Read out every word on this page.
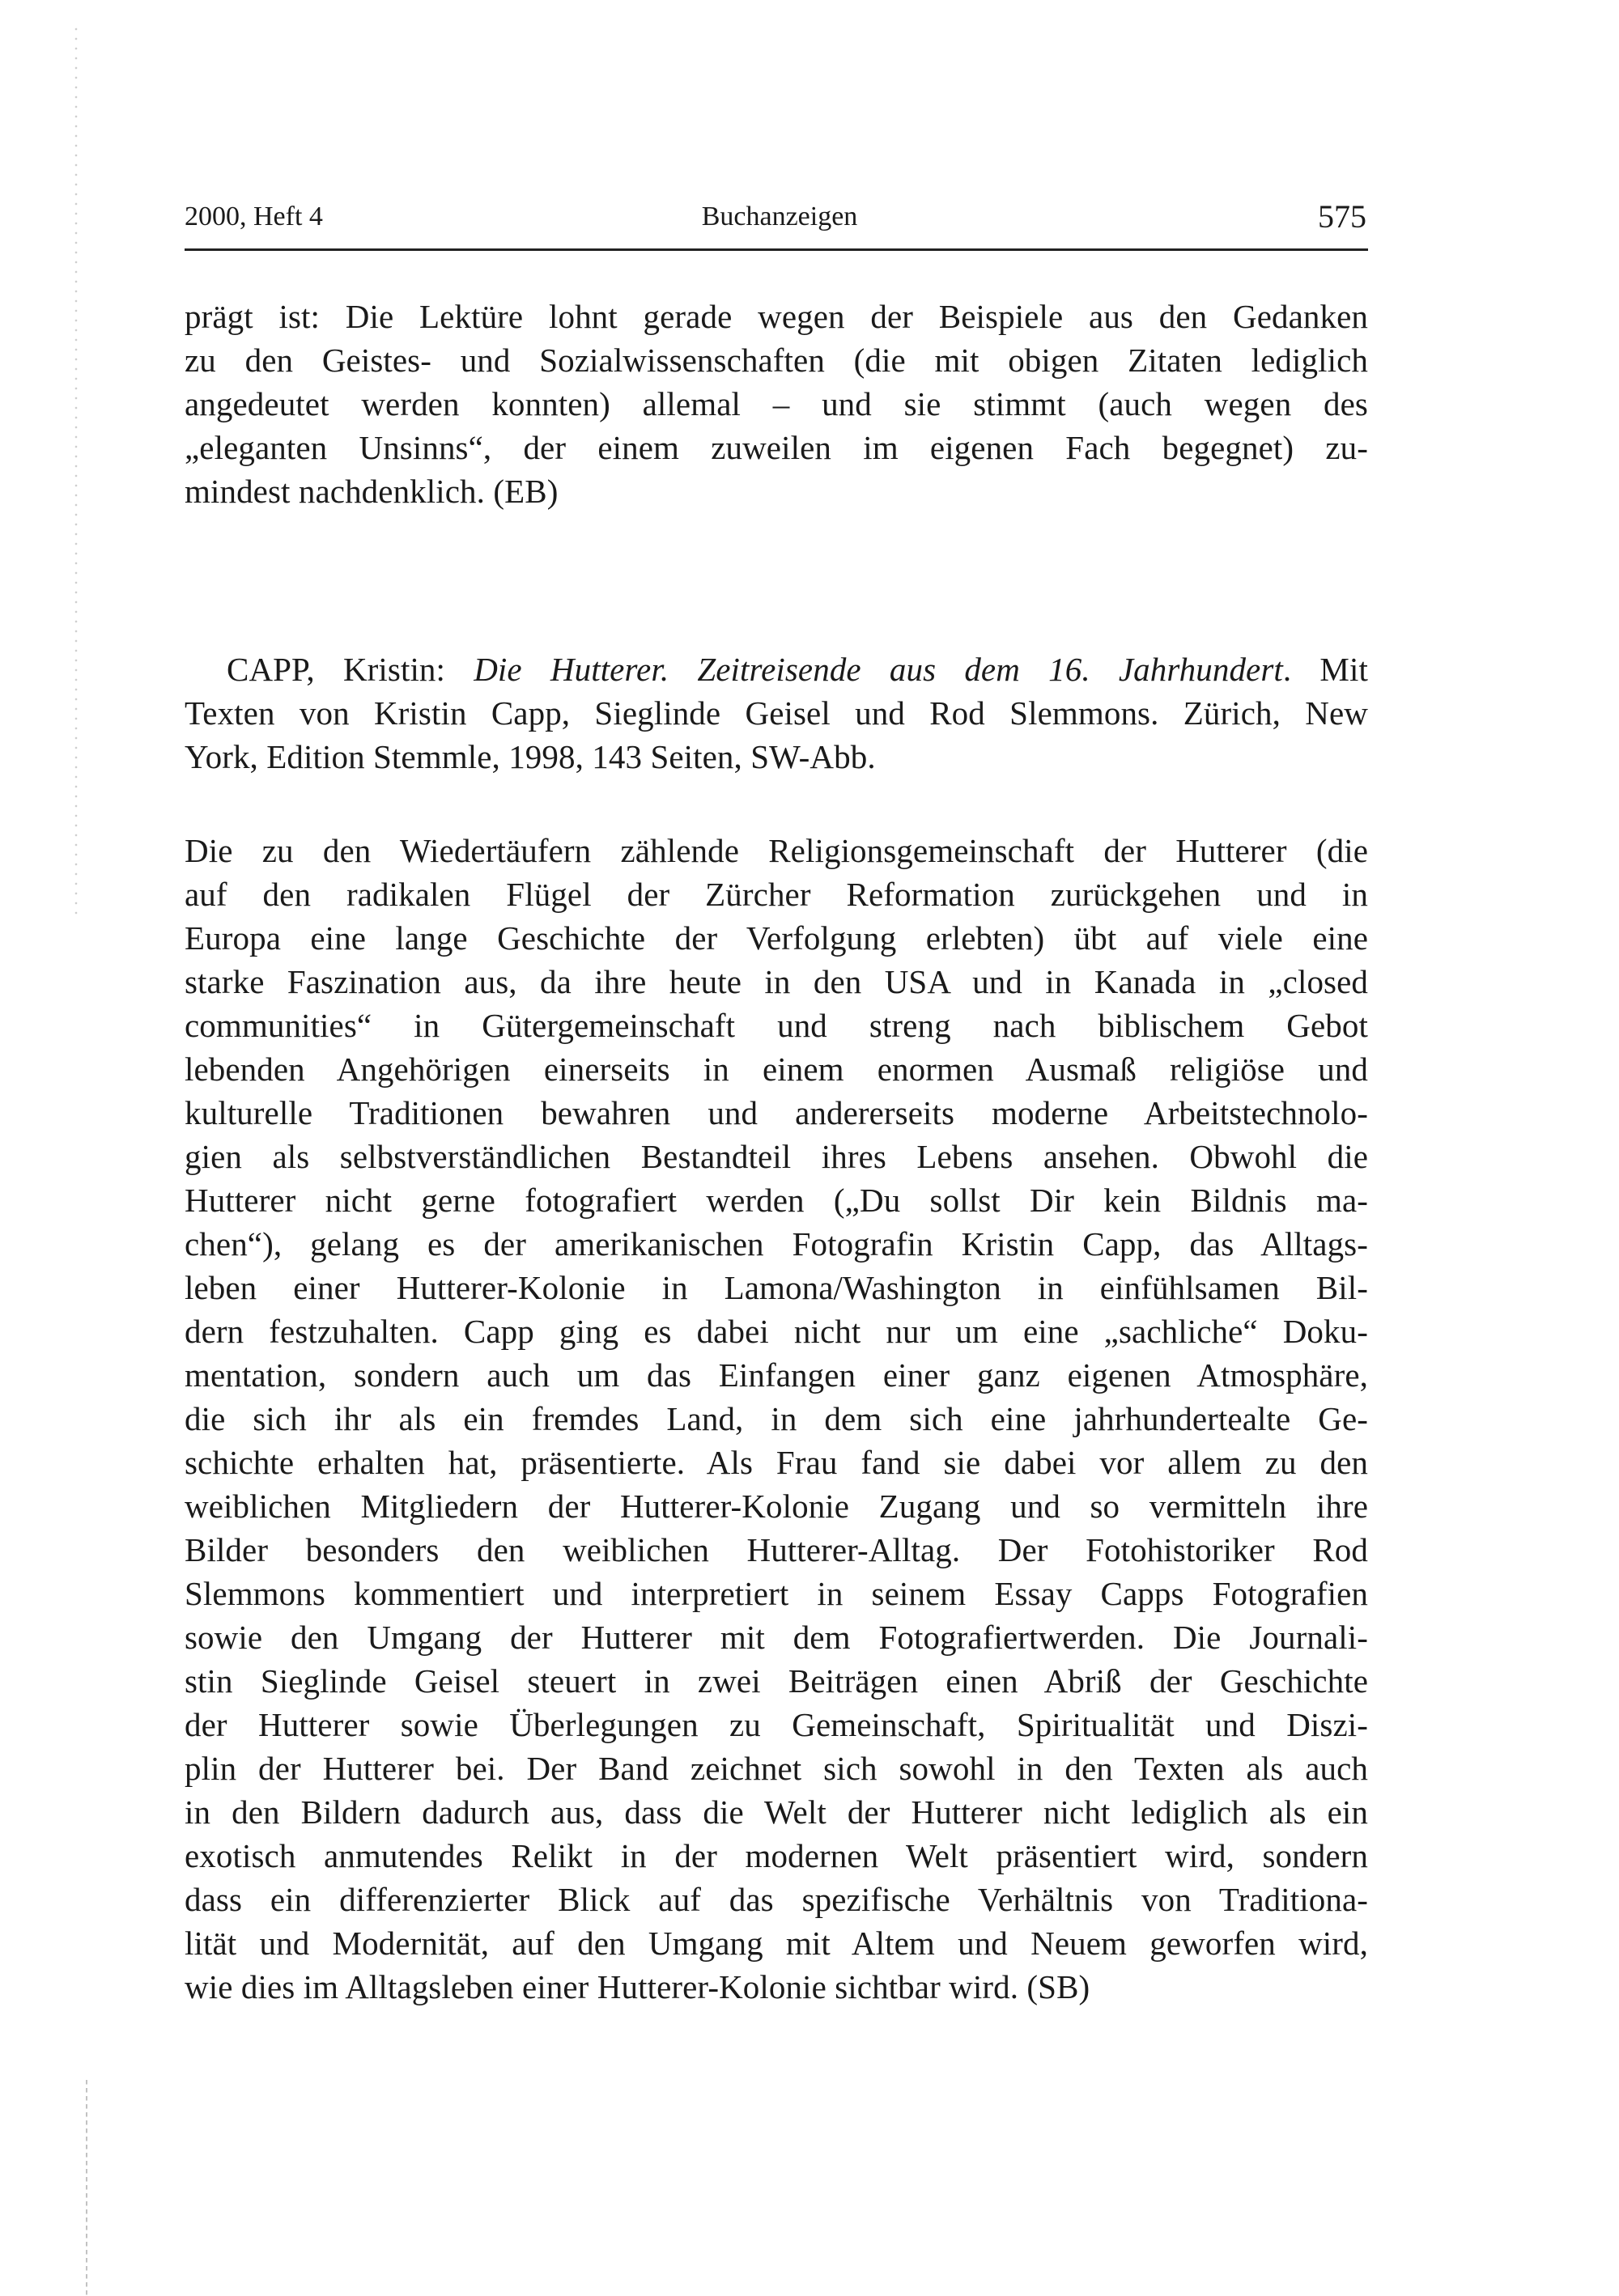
2000, Heft 4	Buchanzeigen	575
prägt ist: Die Lektüre lohnt gerade wegen der Beispiele aus den Gedanken
zu den Geistes- und Sozialwissenschaften (die mit obigen Zitaten lediglich
angedeutet werden konnten) allemal – und sie stimmt (auch wegen des
„eleganten Unsinns“, der einem zuweilen im eigenen Fach begegnet) zu-
mindest nachdenklich. (EB)
CAPP, Kristin: Die Hutterer. Zeitreisende aus dem 16. Jahrhundert. Mit
Texten von Kristin Capp, Sieglinde Geisel und Rod Slemmons. Zürich, New
York, Edition Stemmle, 1998, 143 Seiten, SW-Abb.
Die zu den Wiedertäufern zählende Religionsgemeinschaft der Hutterer (die
auf den radikalen Flügel der Zürcher Reformation zurückgehen und in
Europa eine lange Geschichte der Verfolgung erlebten) übt auf viele eine
starke Faszination aus, da ihre heute in den USA und in Kanada in „closed
communities“ in Gütergemeinschaft und streng nach biblischem Gebot
lebenden Angehörigen einerseits in einem enormen Ausmaß religiöse und
kulturelle Traditionen bewahren und andererseits moderne Arbeitstechnolo-
gien als selbstverständlichen Bestandteil ihres Lebens ansehen. Obwohl die
Hutterer nicht gerne fotografiert werden („Du sollst Dir kein Bildnis ma-
chen“), gelang es der amerikanischen Fotografin Kristin Capp, das Alltags-
leben einer Hutterer-Kolonie in Lamona/Washington in einfühlsamen Bil-
dern festzuhalten. Capp ging es dabei nicht nur um eine „sachliche“ Doku-
mentation, sondern auch um das Einfangen einer ganz eigenen Atmosphäre,
die sich ihr als ein fremdes Land, in dem sich eine jahrhundertealte Ge-
schichte erhalten hat, präsentierte. Als Frau fand sie dabei vor allem zu den
weiblichen Mitgliedern der Hutterer-Kolonie Zugang und so vermitteln ihre
Bilder besonders den weiblichen Hutterer-Alltag. Der Fotohistoriker Rod
Slemmons kommentiert und interpretiert in seinem Essay Capps Fotografien
sowie den Umgang der Hutterer mit dem Fotografiertwerden. Die Journali-
stin Sieglinde Geisel steuert in zwei Beiträgen einen Abriß der Geschichte
der Hutterer sowie Überlegungen zu Gemeinschaft, Spiritualität und Diszi-
plin der Hutterer bei. Der Band zeichnet sich sowohl in den Texten als auch
in den Bildern dadurch aus, dass die Welt der Hutterer nicht lediglich als ein
exotisch anmutendes Relikt in der modernen Welt präsentiert wird, sondern
dass ein differenzierter Blick auf das spezifische Verhältnis von Traditiona-
lität und Modernität, auf den Umgang mit Altem und Neuem geworfen wird,
wie dies im Alltagsleben einer Hutterer-Kolonie sichtbar wird. (SB)
